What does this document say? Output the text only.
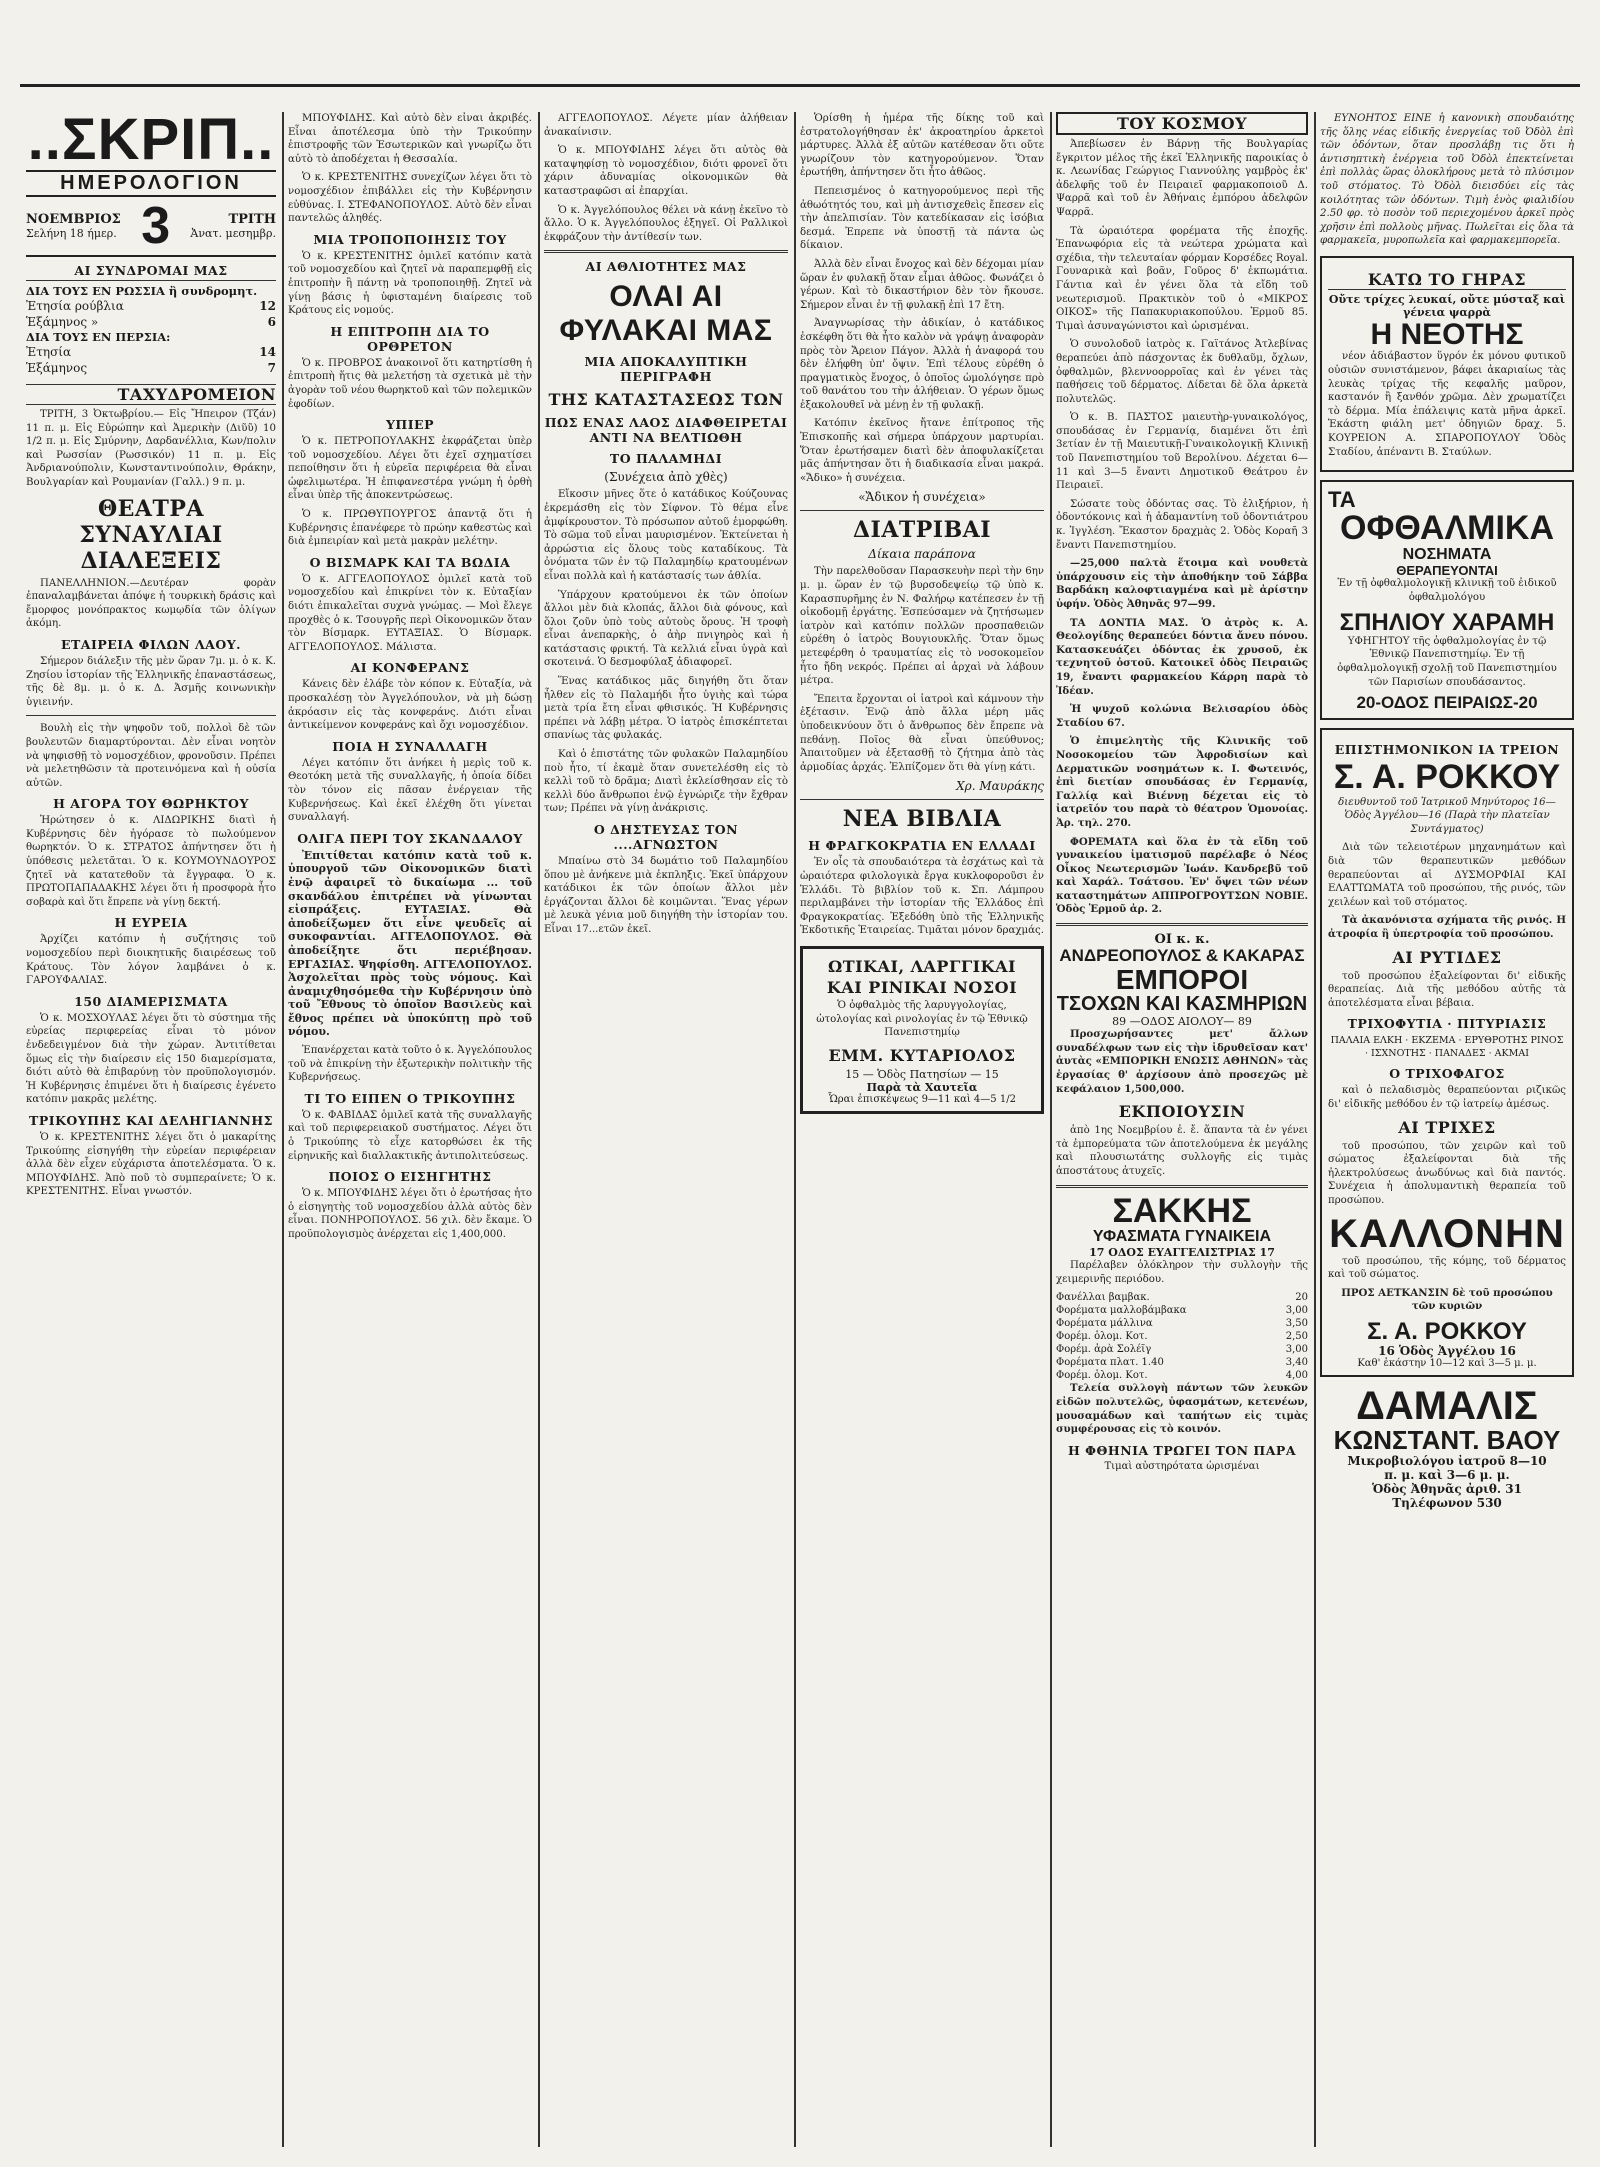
..ΣΚΡΙΠ..
ΗΜΕΡΟΛΟΓΙΟΝ
ΝΟΕΜΒΡΙΟΣ
Σελήνη 18 ήμερ. 3	ΤΡΙΤΗ
Ἀνατ. μεσημβρ.
ΑΙ ΣΥΝΔΡΟΜΑΙ ΜΑΣ
ΔΙΑ ΤΟΥΣ ΕΝ ΡΩΣΣΙΑ ἢ συνδρομητ.
Ἐτησία ρούβλια	12
Ἑξάμηνος »	6
ΔΙΑ ΤΟΥΣ ΕΝ ΠΕΡΣΙΑ:
Ἐτησία	14
Ἑξάμηνος	7
ΤΑΧΥΔΡΟΜΕΙΟΝ

ΤΡΙΤΗ, 3 Ὀκτωβρίου.— Εἰς Ἤπειρον (Τζάν) 11 π. μ. Εἰς Εὐρώπην καὶ Ἀμερικὴν (Διῦῦ) 10 1/2 π. μ. Εἰς Σμύρνην, Δαρδανέλλια, Κων/πολιν καὶ Ρωσσίαν (Ρωσσικόν) 11 π. μ. Εἰς Ἀνδριανούπολιν, Κωνσταντινούπολιν, Θράκην, Βουλγαρίαν καὶ Ρουμανίαν (Γαλλ.) 9 π. μ.

ΘΕΑΤΡΑ
ΣΥΝΑΥΛΙΑΙ
ΔΙΑΛΕΞΕΙΣ

ΠΑΝΕΛΛΗΝΙΟΝ.—Δευτέραν φορὰν ἐπαναλαμβάνεται ἀπόψε ἡ τουρκικὴ δράσις καὶ ἔμορφος μονόπρακτος κωμῳδία τῶν ὀλίγων ἀκόμη.

ΕΤΑΙΡΕΙΑ ΦΙΛΩΝ ΛΑΟΥ.

Σήμερον διάλεξιν τῆς μὲν ὥραν 7μ. μ. ὁ κ. Κ. Ζησίου ἱστορίαν τῆς Ἑλληνικῆς ἐπαναστάσεως, τῆς δὲ 8μ. μ. ὁ κ. Δ. Ἀσμῆς κοινωνικὴν ὑγιεινήν.

Βουλὴ εἰς τὴν ψηφοῦν τοῦ, πολλοὶ δὲ τῶν βουλευτῶν διαμαρτύρονται. Δὲν εἶναι νοητὸν νὰ ψηφισθῇ τὸ νομοσχέδιον, φρονοῦσιν. Πρέπει νὰ μελετηθῶσιν τὰ προτεινόμενα καὶ ἡ οὐσία αὐτῶν.

Η ΑΓΟΡΑ ΤΟΥ ΘΩΡΗΚΤΟΥ

Ἠρώτησεν ὁ κ. ΛΙΔΩΡΙΚΗΣ διατὶ ἡ Κυβέρνησις δὲν ἠγόρασε τὸ πωλούμενον θωρηκτόν. Ὁ κ. ΣΤΡΑΤΟΣ ἀπήντησεν ὅτι ἡ ὑπόθεσις μελετᾶται. Ὁ κ. ΚΟΥΜΟΥΝΔΟΥΡΟΣ ζητεῖ νὰ κατατεθοῦν τὰ ἔγγραφα. Ὁ κ. ΠΡΩΤΟΠΑΠΑΔΑΚΗΣ λέγει ὅτι ἡ προσφορὰ ἦτο σοβαρὰ καὶ ὅτι ἔπρεπε νὰ γίνῃ δεκτή.

Η ΕΥΡΕΙΑ

Ἀρχίζει κατόπιν ἡ συζήτησις τοῦ νομοσχεδίου περὶ διοικητικῆς διαιρέσεως τοῦ Κράτους. Τὸν λόγον λαμβάνει ὁ κ. ΓΑΡΟΥΦΑΛΙΑΣ.

150 ΔΙΑΜΕΡΙΣΜΑΤΑ

Ὁ κ. ΜΟΣΧΟΥΛΑΣ λέγει ὅτι τὸ σύστημα τῆς εὐρείας περιφερείας εἶναι τὸ μόνον ἐνδεδειγμένον διὰ τὴν χώραν. Ἀντιτίθεται ὅμως εἰς τὴν διαίρεσιν εἰς 150 διαμερίσματα, διότι αὐτὸ θὰ ἐπιβαρύνῃ τὸν προϋπολογισμόν. Ἡ Κυβέρνησις ἐπιμένει ὅτι ἡ διαίρεσις ἐγένετο κατόπιν μακρᾶς μελέτης.

ΤΡΙΚΟΥΠΗΣ ΚΑΙ ΔΕΛΗΓΙΑΝΝΗΣ

Ὁ κ. ΚΡΕΣΤΕΝΙΤΗΣ λέγει ὅτι ὁ μακαρίτης Τρικούπης εἰσηγήθη τὴν εὐρείαν περιφέρειαν ἀλλὰ δὲν εἶχεν εὐχάριστα ἀποτελέσματα. Ὁ κ. ΜΠΟΥΦΙΔΗΣ. Ἀπὸ ποῦ τὸ συμπεραίνετε; Ὁ κ. ΚΡΕΣΤΕΝΙΤΗΣ. Εἶναι γνωστόν.

ΜΠΟΥΦΙΔΗΣ. Καὶ αὐτὸ δὲν εἶναι ἀκριβές. Εἶναι ἀποτέλεσμα ὑπὸ τὴν Τρικούπην ἐπιστροφῆς τῶν Ἑσωτερικῶν καὶ γνωρίζω ὅτι αὐτὸ τὸ ἀποδέχεται ἡ Θεσσαλία.

Ὁ κ. ΚΡΕΣΤΕΝΙΤΗΣ συνεχίζων λέγει ὅτι τὸ νομοσχέδιον ἐπιβάλλει εἰς τὴν Κυβέρνησιν εὐθύνας. Ι. ΣΤΕΦΑΝΟΠΟΥΛΟΣ. Αὐτὸ δὲν εἶναι παντελῶς ἀληθές.

ΜΙΑ ΤΡΟΠΟΠΟΙΗΣΙΣ ΤΟΥ

Ὁ κ. ΚΡΕΣΤΕΝΙΤΗΣ ὁμιλεῖ κατόπιν κατὰ τοῦ νομοσχεδίου καὶ ζητεῖ νὰ παραπεμφθῇ εἰς ἐπιτροπὴν ἢ πάντῃ νὰ τροποποιηθῇ. Ζητεῖ νὰ γίνῃ βάσις ἡ ὑφισταμένη διαίρεσις τοῦ Κράτους εἰς νομούς.

Η ΕΠΙΤΡΟΠΗ ΔΙΑ ΤΟ ΟΡΘΡΕΤΟΝ

Ὁ κ. ΠΡΟΒΡΟΣ ἀνακοινοῖ ὅτι κατηρτίσθη ἡ ἐπιτροπὴ ἥτις θὰ μελετήσῃ τὰ σχετικὰ μὲ τὴν ἀγορὰν τοῦ νέου θωρηκτοῦ καὶ τῶν πολεμικῶν ἐφοδίων.

ΥΠΙΕΡ

Ὁ κ. ΠΕΤΡΟΠΟΥΛΑΚΗΣ ἐκφράζεται ὑπὲρ τοῦ νομοσχεδίου. Λέγει ὅτι ἐχεῖ σχηματίσει πεποίθησιν ὅτι ἡ εὐρεῖα περιφέρεια θὰ εἶναι ὠφελιμωτέρα. Ἡ ἐπιφανεστέρα γνώμη ἡ ὀρθὴ εἶναι ὑπὲρ τῆς ἀποκεντρώσεως.

Ὁ κ. ΠΡΩΘΥΠΟΥΡΓΟΣ ἀπαντᾷ ὅτι ἡ Κυβέρνησις ἐπανέφερε τὸ πρώην καθεστὼς καὶ διὰ ἐμπειρίαν καὶ μετὰ μακρὰν μελέτην.

Ο ΒΙΣΜΑΡΚ ΚΑΙ ΤΑ ΒΩΔΙΑ

Ὁ κ. ΑΓΓΕΛΟΠΟΥΛΟΣ ὁμιλεῖ κατὰ τοῦ νομοσχεδίου καὶ ἐπικρίνει τὸν κ. Εὐταξίαν διότι ἐπικαλεῖται συχνὰ γνώμας. — Μοὶ ἔλεγε προχθὲς ὁ κ. Τσουγρῆς περὶ Οἰκονομικῶν ὅταν τὸν Βίσμαρκ. ΕΥΤΑΞΙΑΣ. Ὁ Βίσμαρκ. ΑΓΓΕΛΟΠΟΥΛΟΣ. Μάλιστα.

ΑΙ ΚΟΝΦΕΡΑΝΣ

Κάνεις δὲν ἐλάβε τὸν κόπον κ. Εὐταξία, νὰ προσκαλέσῃ τὸν Ἀγγελόπουλον, νὰ μὴ δώσῃ ἀκρόασιν εἰς τὰς κονφεράνς. Διότι εἶναι ἀντικείμενον κονφεράνς καὶ ὄχι νομοσχέδιον.

ΠΟΙΑ Η ΣΥΝΑΛΛΑΓΗ

Λέγει κατόπιν ὅτι ἀνήκει ἡ μερὶς τοῦ κ. Θεοτόκη μετὰ τῆς συναλλαγῆς, ἡ ὁποία δίδει τὸν τόνον εἰς πᾶσαν ἐνέργειαν τῆς Κυβερνήσεως. Καὶ ἐκεῖ ἐλέχθη ὅτι γίνεται συναλλαγή.

ΟΛΙΓΑ ΠΕΡΙ ΤΟΥ ΣΚΑΝΔΑΛΟΥ

Ἐπιτίθεται κατόπιν κατὰ τοῦ κ. ὑπουργοῦ τῶν Οἰκονομικῶν διατὶ ἐνῷ ἀφαιρεῖ τὸ δικαίωμα ... τοῦ σκανδάλου ἐπιτρέπει νὰ γίνωνται εἰσπράξεις. ΕΥΤΑΞΙΑΣ. Θὰ ἀποδείξωμεν ὅτι εἶνε ψευδεῖς αἱ συκοφαντίαι. ΑΓΓΕΛΟΠΟΥΛΟΣ. Θὰ ἀποδείξητε ὅτι περιέβησαν. ΕΡΓΑΣΙΑΣ. Ψηφίσθη. ΑΓΓΕΛΟΠΟΥΛΟΣ. Ἀσχολεῖται πρὸς τοὺς νόμους. Καὶ ἀναμιχθησόμεθα τὴν Κυβέρνησιν ὑπὸ τοῦ Ἔθνους τὸ ὁποῖον Βασιλεὺς καὶ ἔθνος πρέπει νὰ ὑποκύπτῃ πρὸ τοῦ νόμου.

Ἐπανέρχεται κατὰ τοῦτο ὁ κ. Ἀγγελόπουλος τοῦ νὰ ἐπικρίνῃ τὴν ἐξωτερικὴν πολιτικὴν τῆς Κυβερνήσεως.

ΤΙ ΤΟ ΕΙΠΕΝ Ο ΤΡΙΚΟΥΠΗΣ

Ὁ κ. ΦΑΒΙΔΑΣ ὁμιλεῖ κατὰ τῆς συναλλαγῆς καὶ τοῦ περιφερειακοῦ συστήματος. Λέγει ὅτι ὁ Τρικούπης τὸ εἶχε κατορθώσει ἐκ τῆς εἰρηνικῆς καὶ διαλλακτικῆς ἀντιπολιτεύσεως.

ΠΟΙΟΣ Ο ΕΙΣΗΓΗΤΗΣ

Ὁ κ. ΜΠΟΥΦΙΔΗΣ λέγει ὅτι ὁ ἐρωτήσας ἠτο ὁ εἰσηγητὴς τοῦ νομοσχεδίου ἀλλὰ αὐτὸς δὲν εἶναι. ΠΟΝΗΡΟΠΟΥΛΟΣ. 56 χιλ. δὲν ἔκαμε. Ὁ προϋπολογισμὸς ἀνέρχεται εἰς 1,400,000.

ΑΓΓΕΛΟΠΟΥΛΟΣ. Λέγετε μίαν ἀλήθειαν ἀνακαίνισιν.

Ὁ κ. ΜΠΟΥΦΙΔΗΣ λέγει ὅτι αὐτὸς θὰ καταψηφίσῃ τὸ νομοσχέδιον, διότι φρονεῖ ὅτι χάριν ἀδυναμίας οἰκονομικῶν θὰ καταστραφῶσι αἱ ἐπαρχίαι.

Ὁ κ. Ἀγγελόπουλος θέλει νὰ κάνῃ ἐκεῖνο τὸ ἄλλο. Ὁ κ. Ἀγγελόπουλος ἐξηγεῖ. Οἱ Ραλλικοὶ ἐκφράζουν τὴν ἀντίθεσίν των.

ΑΙ ΑΘΛΙΟΤΗΤΕΣ ΜΑΣ
ΟΛΑΙ ΑΙ ΦΥΛΑΚΑΙ ΜΑΣ
ΜΙΑ ΑΠΟΚΑΛΥΠΤΙΚΗ ΠΕΡΙΓΡΑΦΗ
ΤΗΣ ΚΑΤΑΣΤΑΣΕΩΣ ΤΩΝ
ΠΩΣ ΕΝΑΣ ΛΑΟΣ ΔΙΑΦΘΕΙΡΕΤΑΙ ΑΝΤΙ ΝΑ ΒΕΛΤΙΩΘΗ
ΤΟ ΠΑΛΑΜΗΔΙ
(Συνέχεια ἀπὸ χθὲς)

Εἴκοσιν μῆνες ὅτε ὁ κατάδικος Κούζουνας ἐκρεμάσθη εἰς τὸν Σίφνον. Τὸ θέμα εἶνε ἀμφίκρουστον. Τὸ πρόσωπον αὐτοῦ ἐμορφώθη. Τὸ σῶμα τοῦ εἶναι μαυρισμένον. Ἐκτείνεται ἡ ἀρρώστια εἰς ὅλους τοὺς καταδίκους. Τὰ ὀνόματα τῶν ἐν τῷ Παλαμηδίῳ κρατουμένων εἶναι πολλὰ καὶ ἡ κατάστασίς των ἀθλία.

Ὑπάρχουν κρατούμενοι ἐκ τῶν ὁποίων ἄλλοι μὲν διὰ κλοπάς, ἄλλοι διὰ φόνους, καὶ ὅλοι ζοῦν ὑπὸ τοὺς αὐτοὺς ὅρους. Ἡ τροφὴ εἶναι ἀνεπαρκὴς, ὁ ἀὴρ πνιγηρὸς καὶ ἡ κατάστασις φρικτή. Τὰ κελλιά εἶναι ὑγρὰ καὶ σκοτεινά. Ὁ δεσμοφύλαξ ἀδιαφορεῖ.

Ἕνας κατάδικος μᾶς διηγήθη ὅτι ὅταν ἦλθεν εἰς τὸ Παλαμήδι ἦτο ὑγιὴς καὶ τώρα μετὰ τρία ἔτη εἶναι φθισικός. Ἡ Κυβέρνησις πρέπει νὰ λάβῃ μέτρα. Ὁ ἰατρὸς ἐπισκέπτεται σπανίως τὰς φυλακάς.

Καὶ ὁ ἐπιστάτης τῶν φυλακῶν Παλαμηδίου ποὺ ἦτο, τί ἐκαμὲ ὅταν συνετελέσθη εἰς τὸ κελλὶ τοῦ τὸ δρᾶμα; Διατὶ ἐκλείσθησαν εἰς τὸ κελλὶ δύο ἄνθρωποι ἐνῷ ἐγνώριζε τὴν ἔχθραν των; Πρέπει νὰ γίνῃ ἀνάκρισις.

Ο ΔΗΣΤΕΥΣΑΣ ΤΟΝ ....ΑΓΝΩΣΤΟΝ

Μπαίνω στὸ 34 δωμάτιο τοῦ Παλαμηδίου ὅπου μὲ ἀνήκενε μιὰ ἐκπληξις. Ἐκεῖ ὑπάρχουν κατάδικοι ἐκ τῶν ὁποίων ἄλλοι μὲν ἐργάζονται ἄλλοι δὲ κοιμῶνται. Ἕνας γέρων μὲ λευκὰ γένια μοῦ διηγήθη τὴν ἱστορίαν του. Εἶναι 17...ετῶν ἐκεῖ.

Ὁρίσθη ἡ ἡμέρα τῆς δίκης τοῦ καὶ ἐστρατολογήθησαν ἐκ' ἀκροατηρίου ἀρκετοὶ μάρτυρες. Ἀλλὰ ἐξ αὐτῶν κατέθεσαν ὅτι οὔτε γνωρίζουν τὸν κατηγορούμενον. Ὅταν ἐρωτήθη, ἀπήντησεν ὅτι ἦτο ἀθῶος.

Πεπεισμένος ὁ κατηγορούμενος περὶ τῆς ἀθωότητός του, καὶ μὴ ἀντισχεθεὶς ἔπεσεν εἰς τὴν ἀπελπισίαν. Τὸν κατεδίκασαν εἰς ἰσόβια δεσμά. Ἐπρεπε νὰ ὑποστῇ τὰ πάντα ὡς δίκαιον.

Ἀλλὰ δὲν εἶναι ἔνοχος καὶ δὲν δέχομαι μίαν ὥραν ἐν φυλακῇ ὅταν εἶμαι ἀθῶος. Φωνάζει ὁ γέρων. Καὶ τὸ δικαστήριον δὲν τὸν ἤκουσε. Σήμερον εἶναι ἐν τῇ φυλακῇ ἐπὶ 17 ἔτη.

Ἀναγνωρίσας τὴν ἀδικίαν, ὁ κατάδικος ἐσκέφθη ὅτι θὰ ἦτο καλὸν νὰ γράψῃ ἀναφορὰν πρὸς τὸν Ἄρειον Πάγον. Ἀλλὰ ἡ ἀναφορά του δὲν ἐλήφθη ὑπ' ὄψιν. Ἐπὶ τέλους εὑρέθη ὁ πραγματικὸς ἔνοχος, ὁ ὁποῖος ὡμολόγησε πρὸ τοῦ θανάτου του τὴν ἀλήθειαν. Ὁ γέρων ὅμως ἐξακολουθεῖ νὰ μένῃ ἐν τῇ φυλακῇ.

Κατόπιν ἐκεῖνος ἤτανε ἐπίτροπος τῆς Ἐπισκοπῆς καὶ σήμερα ὑπάρχουν μαρτυρίαι. Ὅταν ἐρωτήσαμεν διατὶ δὲν ἀποφυλακίζεται μᾶς ἀπήντησαν ὅτι ἡ διαδικασία εἶναι μακρά. «Ἄδικο» ἡ συνέχεια.

«Ἄδικον ἡ συνέχεια»
ΔΙΑΤΡΙΒΑΙ
Δίκαια παράπονα

Τὴν παρελθοῦσαν Παρασκευὴν περὶ τὴν 6ην μ. μ. ὥραν ἐν τῷ βυρσοδεψείῳ τῷ ὑπὸ κ. Καρασπυρῆμης ἐν Ν. Φαλήρῳ κατέπεσεν ἐν τῇ οἰκοδομῇ ἐργάτης. Ἐσπεύσαμεν νὰ ζητήσωμεν ἰατρὸν καὶ κατόπιν πολλῶν προσπαθειῶν εὑρέθη ὁ ἰατρὸς Βουγιουκλῆς. Ὅταν ὅμως μετεφέρθη ὁ τραυματίας εἰς τὸ νοσοκομεῖον ἦτο ἤδη νεκρός. Πρέπει αἱ ἀρχαὶ νὰ λάβουν μέτρα.

Ἔπειτα ἔρχονται οἱ ἰατροὶ καὶ κάμνουν τὴν ἐξέτασιν. Ἐνῷ ἀπὸ ἄλλα μέρη μᾶς ὑποδεικνύουν ὅτι ὁ ἄνθρωπος δὲν ἔπρεπε νὰ πεθάνῃ. Ποῖος θὰ εἶναι ὑπεύθυνος; Ἀπαιτοῦμεν νὰ ἐξετασθῇ τὸ ζήτημα ἀπὸ τὰς ἀρμοδίας ἀρχάς. Ἐλπίζομεν ὅτι θὰ γίνῃ κάτι.

Χρ. Μαυράκης
ΝΕΑ ΒΙΒΛΙΑ
Η ΦΡΑΓΚΟΚΡΑΤΙΑ ΕΝ ΕΛΛΑΔΙ

Ἐν οἷς τὰ σπουδαιότερα τὰ ἐσχάτως καὶ τὰ ὡραιότερα φιλολογικὰ ἔργα κυκλοφοροῦσι ἐν Ἑλλάδι. Τὸ βιβλίον τοῦ κ. Σπ. Λάμπρου περιλαμβάνει τὴν ἱστορίαν τῆς Ἑλλάδος ἐπὶ Φραγκοκρατίας. Ἐξεδόθη ὑπὸ τῆς Ἑλληνικῆς Ἐκδοτικῆς Ἑταιρείας. Τιμᾶται μόνον δραχμάς.

ΩΤΙΚΑΙ, ΛΑΡΓΓΙΚΑΙ
ΚΑΙ ΡΙΝΙΚΑΙ ΝΟΣΟΙ

Ὁ ὀφθαλμὸς τῆς λαρυγγολογίας, ὠτολογίας καὶ ρινολογίας ἐν τῷ Ἑθνικῷ Πανεπιστημίῳ

ΕΜΜ. ΚΥΤΑΡΙΟΛΟΣ
15 — Ὁδὸς Πατησίων — 15
Παρὰ τὰ Χαυτεῖα
Ὧραι ἐπισκέψεως 9—11 καὶ 4—5 1/2
ΤΟΥ ΚΟΣΜΟΥ

Ἀπεβίωσεν ἐν Βάρνῃ τῆς Βουλγαρίας ἔγκριτον μέλος τῆς ἐκεῖ Ἑλληνικῆς παροικίας ὁ κ. Λεωνίδας Γεώργιος Γιαννούλης γαμβρὸς ἐκ' ἀδελφῆς τοῦ ἐν Πειραιεῖ φαρμακοποιοῦ Δ. Ψαρρᾶ καὶ τοῦ ἐν Ἀθήναις ἐμπόρου ἀδελφῶν Ψαρρᾶ.

Τὰ ὡραιότερα φορέματα τῆς ἐποχῆς. Ἐπανωφόρια εἰς τὰ νεώτερα χρώματα καὶ σχέδια, τὴν τελευταίαν φόρμαν Κορσέδες Royal. Γουναρικὰ καὶ βοᾶν, Γοῦρος δ' ἐκπωμάτια. Γάντια καὶ ἐν γένει ὅλα τὰ εἴδη τοῦ νεωτερισμοῦ. Πρακτικὸν τοῦ ὁ «ΜΙΚΡΟΣ ΟΙΚΟΣ» τῆς Παπακυριακοπούλου. Ἑρμοῦ 85. Τιμαὶ ἀσυναγώνιστοι καὶ ὡρισμέναι.

Ὁ συνολοδοῦ ἰατρὸς κ. Γαϊτάνος Ἀτλεβίνας θεραπεύει ἀπὸ πάσχοντας ἐκ δυθλαῦμ, ὄχλων, ὀφθαλμῶν, βλεννοορροῖας καὶ ἐν γένει τὰς παθήσεις τοῦ δέρματος. Δίδεται δὲ ὅλα ἀρκετὰ πολυτελῶς.

Ὁ κ. Β. ΠΑΣΤΟΣ μαιευτὴρ-γυναικολόγος, σπουδάσας ἐν Γερμανίᾳ, διαμένει ὅτι ἐπὶ 3ετίαν ἐν τῇ Μαιευτικῇ-Γυναικολογικῇ Κλινικῇ τοῦ Πανεπιστημίου τοῦ Βερολίνου. Δέχεται 6—11 καὶ 3—5 ἔναντι Δημοτικοῦ Θεάτρου ἐν Πειραιεῖ.

Σώσατε τοὺς ὀδόντας σας. Τὸ ἐλιξήριον, ἡ ὀδοντόκονις καὶ ἡ ἀδαμαντίνη τοῦ ὀδοντιάτρου κ. Ἰγγλέση. Ἔκαστον δραχμὰς 2. Ὁδὸς Κοραῆ 3 ἔναντι Πανεπιστημίου.

—25,000 παλτὰ ἕτοιμα καὶ νουθετὰ ὑπάρχουσιν εἰς τὴν ἀποθήκην τοῦ Σάββα Βαρδάκη καλοφτιαγμένα καὶ μὲ ἀρίστην ὑφήν. Ὁδὸς Ἀθηνᾶς 97—99.

ΤΑ ΔΟΝΤΙΑ ΜΑΣ. Ὁ ἀτρὸς κ. Α. Θεολογίδης θεραπεύει δόντια ἄνευ πόνου. Κατασκευάζει ὀδόντας ἐκ χρυσοῦ, ἐκ τεχνητοῦ ὀστοῦ. Κατοικεῖ ὁδὸς Πειραιῶς 19, ἔναντι φαρμακείου Κάρρη παρὰ τὸ Ἰδέαν.

Ἡ ψυχοῦ κολώνια Βελισαρίου ὁδὸς Σταδίου 67.

Ὁ ἐπιμελητὴς τῆς Κλινικῆς τοῦ Νοσοκομείου τῶν Ἀφροδισίων καὶ Δερματικῶν νοσημάτων κ. Ι. Φωτεινός, ἐπὶ διετίαν σπουδάσας ἐν Γερμανίᾳ, Γαλλίᾳ καὶ Βιέννῃ δέχεται εἰς τὸ ἰατρεῖόν του παρὰ τὸ θέατρον Ὁμονοίας. Ἀρ. τηλ. 270.

ΦΟΡΕΜΑΤΑ καὶ ὅλα ἐν τὰ εἴδη τοῦ γυναικείου ἱματισμοῦ παρέλαβε ὁ Νέος Οἶκος Νεωτερισμῶν Ἰωάν. Κανδρεβῦ τοῦ καὶ Χαράλ. Τσάτσου. Ἐν' ὄψει τῶν νέων καταστημάτων ΑΠΠΡΟΓΡΟΥΤΣΩΝ ΝΟΒΙΕ. Ὁδὸς Ἑρμοῦ ἀρ. 2.

ΟΙ κ. κ.
ΑΝΔΡΕΟΠΟΥΛΟΣ & ΚΑΚΑΡΑΣ
ΕΜΠΟΡΟΙ
ΤΣΟΧΩΝ ΚΑΙ ΚΑΣΜΗΡΙΩΝ
89 —ΟΔΟΣ ΑΙΟΛΟΥ— 89

Προσχωρήσαντες μετ' ἄλλων συναδέλφων των εἰς τὴν ἱδρυθεῖσαν κατ' ἀυτὰς «ΕΜΠΟΡΙΚΗ ΕΝΩΣΙΣ ΑΘΗΝΩΝ» τὰς ἐργασίας θ' ἀρχίσουν ἀπὸ προσεχῶς μὲ κεφάλαιον 1,500,000.

ΕΚΠΟΙΟΥΣΙΝ

ἀπὸ 1ης Νοεμβρίου ἐ. ἔ. ἅπαντα τὰ ἐν γένει τὰ ἐμπορεύματα τῶν ἀποτελούμενα ἐκ μεγάλης καὶ πλουσιωτάτης συλλογῆς εἰς τιμὰς ἀποστάτους ἀτυχεῖς.

ΣΑΚΚΗΣ
ΥΦΑΣΜΑΤΑ ΓΥΝΑΙΚΕΙΑ
17 ΟΔΟΣ ΕΥΑΓΓΕΛΙΣΤΡΙΑΣ 17

Παρέλαβεν ὁλόκληρον τὴν συλλογὴν τῆς χειμερινῆς περιόδου.

Φανέλλαι βαμβακ.	20
Φορέματα μαλλοβάμβακα	3,00
Φορέματα μάλλινα	3,50
Φορέμ. ὁλομ. Κοτ.	2,50
Φορέμ. ἀρὰ Σολέῖγ	3,00
Φορέματα πλατ. 1.40	3,40
Φορέμ. ὁλομ. Κοτ.	4,00

Τελεία συλλογὴ πάντων τῶν λευκῶν εἰδῶν πολυτελῶς, ὑφασμάτων, κετενέων, μουσαμάδων καὶ ταπήτων εἰς τιμὰς συμφέρουσας εἰς τὸ κοινόν.

Η ΦΘΗΝΙΑ ΤΡΩΓΕΙ ΤΟΝ ΠΑΡΑ
Τιμαὶ αὐστηρότατα ὡρισμέναι

ΕΥΝΟΗΤΟΣ ΕΙΝΕ ἡ κανονικὴ σπουδαιότης τῆς ὅλης νέας εἰδικῆς ἐνεργείας τοῦ Ὀδὸλ ἐπὶ τῶν ὀδόντων, ὅταν προσλάβῃ τις ὅτι ἡ ἀντισηπτικὴ ἐνέργεια τοῦ Ὀδὸλ ἐπεκτείνεται ἐπὶ πολλὰς ὥρας ὁλοκλήρους μετὰ τὸ πλύσιμον τοῦ στόματος. Τὸ Ὀδὸλ διεισδύει εἰς τὰς κοιλότητας τῶν ὀδόντων. Τιμὴ ἑνὸς φιαλιδίου 2.50 φρ. τὸ ποσὸν τοῦ περιεχομένου ἀρκεῖ πρὸς χρῆσιν ἐπὶ πολλοὺς μῆνας. Πωλεῖται εἰς ὅλα τὰ φαρμακεῖα, μυροπωλεῖα καὶ φαρμακεμπορεῖα.

ΚΑΤΩ ΤΟ ΓΗΡΑΣ
Οὔτε τρίχες λευκαί, οὔτε μύσταξ καὶ γένεια ψαρρὰ
Η ΝΕΟΤΗΣ

νέον ἀδιάβαστον ὕγρόν ἐκ μόνου φυτικοῦ οὐσιῶν συνιστάμενον, βάφει ἀκαριαίως τὰς λευκὰς τρίχας τῆς κεφαλῆς μαῦρον, καστανόν ἢ ξανθόν χρῶμα. Δὲν χρωματίζει τὸ δέρμα. Μία ἐπάλειψις κατὰ μῆνα ἀρκεῖ. Ἑκάστη φιάλη μετ' ὁδηγιῶν δραχ. 5. ΚΟΥΡΕΙΟΝ Α. ΣΠΑΡΟΠΟΥΛΟΥ Ὁδὸς Σταδίου, ἀπέναντι Β. Σταύλων.

ΤΑ
ΟΦΘΑΛΜΙΚΑ
ΝΟΣΗΜΑΤΑ
ΘΕΡΑΠΕΥΟΝΤΑΙ

Ἐν τῇ ὀφθαλμολογικῇ κλινικῇ τοῦ ἐιδικοῦ ὀφθαλμολόγου

ΣΠΗΛΙΟΥ ΧΑΡΑΜΗ

ΥΦΗΓΗΤΟΥ τῆς ὀφθαλμολογίας ἐν τῷ Ἐθνικῷ Πανεπιστημίῳ. Ἐν τῇ ὀφθαλμολογικῇ σχολῇ τοῦ Πανεπιστημίου τῶν Παρισίων σπουδάσαντος.

20-ΟΔΟΣ ΠΕΙΡΑΙΩΣ-20
ΕΠΙΣΤΗΜΟΝΙΚΟΝ ΙΑ ΤΡΕΙΟΝ
Σ. Α. ΡΟΚΚΟΥ

διευθυντοῦ τοῦ Ἰατρικοῦ Μηνύτορος 16—Ὁδὸς Ἀγγέλου—16 (Παρὰ τὴν πλατεῖαν Συντάγματος)

Διὰ τῶν τελειοτέρων μηχανημάτων καὶ διὰ τῶν θεραπευτικῶν μεθόδων θεραπεύονται αἱ ΔΥΣΜΟΡΦΙΑΙ ΚΑΙ ΕΛΑΤΤΩΜΑΤΑ τοῦ προσώπου, τῆς ρινός, τῶν χειλέων καὶ τοῦ στόματος.

Τὰ ἀκανόνιστα σχήματα τῆς ρινός. Η ἀτροφία ἢ ὑπερτροφία τοῦ προσώπου.

ΑΙ ΡΥΤΙΔΕΣ

τοῦ προσώπου ἐξαλείφονται δι' εἰδικῆς θεραπείας. Διὰ τῆς μεθόδου αὐτῆς τὰ ἀποτελέσματα εἶναι βέβαια.

ΤΡΙΧΟΦΥΤΙΑ · ΠΙΤΥΡΙΑΣΙΣ
ΠΑΛΑΙΑ ΕΛΚΗ · ΕΚΖΕΜΑ · ΕΡΥΘΡΟΤΗΣ ΡΙΝΟΣ · ΙΣΧΝΟΤΗΣ · ΠΑΝΑΔΕΣ · ΑΚΜΑΙ
Ο ΤΡΙΧΟΦΑΓΟΣ

καὶ ὁ πελαδισμὸς θεραπεύονται ριζικῶς δι' εἰδικῆς μεθόδου ἐν τῷ ἰατρείῳ ἀμέσως.

ΑΙ ΤΡΙΧΕΣ

τοῦ προσώπου, τῶν χειρῶν καὶ τοῦ σώματος ἐξαλείφονται διὰ τῆς ἠλεκτρολύσεως ἀνωδύνως καὶ διὰ παντός. Συνέχεια ἡ ἀπολυμαντικὴ θεραπεία τοῦ προσώπου.

ΚΑΛΛΟΝΗΝ

τοῦ προσώπου, τῆς κόμης, τοῦ δέρματος καὶ τοῦ σώματος.

ΠΡΟΣ ΑΕΤΚΑΝΣΙΝ δὲ τοῦ προσώπου τῶν κυριῶν

Σ. Α. ΡΟΚΚΟΥ
16 Ὁδὸς Ἀγγέλου 16
Καθ' ἑκάστην 10—12 καὶ 3—5 μ. μ.
ΔΑΜΑΛΙΣ
ΚΩΝΣΤΑΝΤ. ΒΑΟΥ
Μικροβιολόγου ἰατροῦ 8—10
π. μ. καὶ 3—6 μ. μ.
Ὁδὸς Ἀθηνᾶς ἀριθ. 31
Τηλέφωνον 530
